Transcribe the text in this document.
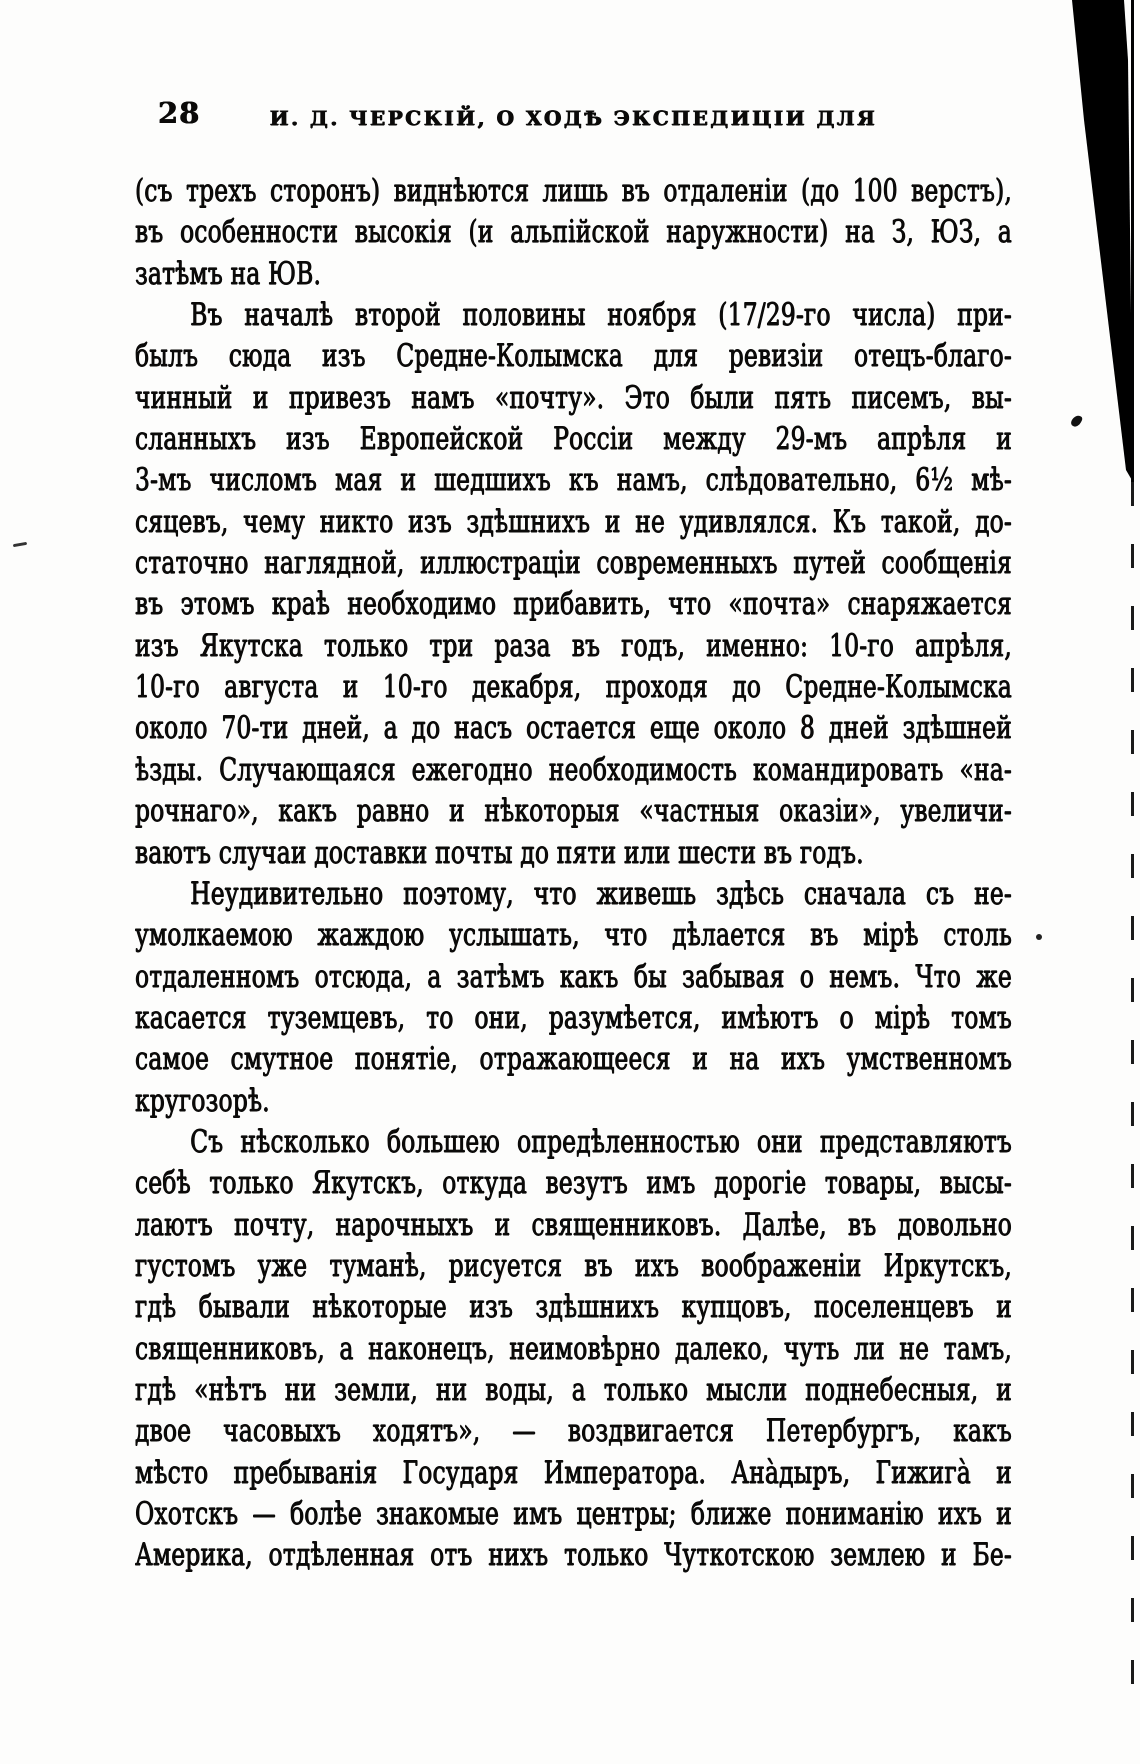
28	И. Д. ЧЕРСКІЙ, О ХОДѢ ЭКСПЕДИЦІИ ДЛЯ
(съ трехъ сторонъ) виднѣются лишь въ отдаленіи (до 100 верстъ),
въ особенности высокія (и альпійской наружности) на З, ЮЗ, а
затѣмъ на ЮВ.
Въ началѣ второй половины ноября (17/29-го числа) при-
былъ сюда изъ Средне-Колымска для ревизіи отецъ-благо-
чинный и привезъ намъ «почту». Это были пять писемъ, вы-
сланныхъ изъ Европейской Россіи между 29-мъ апрѣля и
3-мъ числомъ мая и шедшихъ къ намъ, слѣдовательно, 6½ мѣ-
сяцевъ, чему никто изъ здѣшнихъ и не удивлялся. Къ такой, до-
статочно наглядной, иллюстраціи современныхъ путей сообщенія
въ этомъ краѣ необходимо прибавить, что «почта» снаряжается
изъ Якутска только три раза въ годъ, именно: 10-го апрѣля,
10-го августа и 10-го декабря, проходя до Средне-Колымска
около 70-ти дней, а до насъ остается еще около 8 дней здѣшней
ѣзды. Случающаяся ежегодно необходимость командировать «на-
рочнаго», какъ равно и нѣкоторыя «частныя оказіи», увеличи-
ваютъ случаи доставки почты до пяти или шести въ годъ.
Неудивительно поэтому, что живешь здѣсь сначала съ не-
умолкаемою жаждою услышать, что дѣлается въ мірѣ столь
отдаленномъ отсюда, а затѣмъ какъ бы забывая о немъ. Что же
касается туземцевъ, то они, разумѣется, имѣютъ о мірѣ томъ
самое смутное понятіе, отражающееся и на ихъ умственномъ
кругозорѣ.
Съ нѣсколько большею опредѣленностью они представляютъ
себѣ только Якутскъ, откуда везутъ имъ дорогіе товары, высы-
лаютъ почту, нарочныхъ и священниковъ. Далѣе, въ довольно
густомъ уже туманѣ, рисуется въ ихъ воображеніи Иркутскъ,
гдѣ бывали нѣкоторые изъ здѣшнихъ купцовъ, поселенцевъ и
священниковъ, а наконецъ, неимовѣрно далеко, чуть ли не тамъ,
гдѣ «нѣтъ ни земли, ни воды, а только мысли поднебесныя, и
двое часовыхъ ходятъ», — воздвигается Петербургъ, какъ
мѣсто пребыванія Государя Императора. Ана̀дыръ, Гижига̀ и
Охотскъ — болѣе знакомые имъ центры; ближе пониманію ихъ и
Америка, отдѣленная отъ нихъ только Чуткотскою землею и Бе-
